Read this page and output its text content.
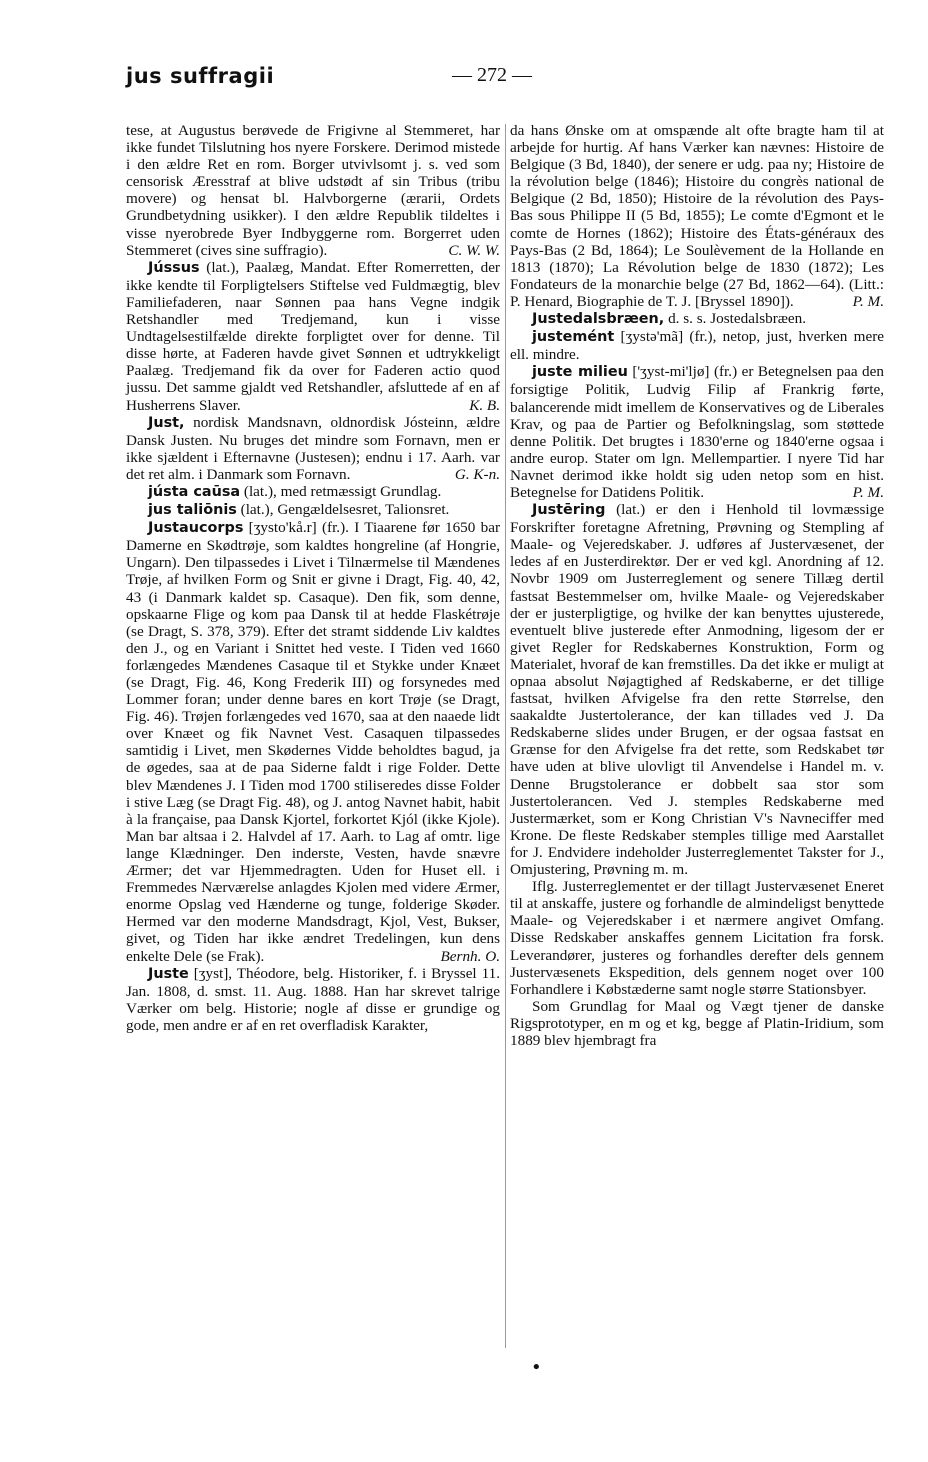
jus suffragii	— 272 —

tese, at Augustus berøvede de Frigivne al Stemmeret, har ikke fundet Tilslutning hos nyere Forskere. Derimod mistede i den ældre Ret en rom. Borger utvivlsomt j. s. ved som censorisk Æresstraf at blive udstødt af sin Tribus (tribu movere) og hensat bl. Halvborgerne (ærarii, Ordets Grundbetydning usikker). I den ældre Republik tildeltes i visse nyerobrede Byer Indbyggerne rom. Borgerret uden Stemmeret (cives sine suffragio).	C. W. W.

Jússus (lat.), Paalæg, Mandat. Efter Romerretten, der ikke kendte til Forpligtelsers Stiftelse ved Fuldmægtig, blev Familiefaderen, naar Sønnen paa hans Vegne indgik Retshandler med Tredjemand, kun i visse Undtagelsestilfælde direkte forpligtet over for denne. Til disse hørte, at Faderen havde givet Sønnen et udtrykkeligt Paalæg. Tredjemand fik da over for Faderen actio quod jussu. Det samme gjaldt ved Retshandler, afsluttede af en af Husherrens Slaver.	K. B.

Just, nordisk Mandsnavn, oldnordisk Jósteinn, ældre Dansk Justen. Nu bruges det mindre som Fornavn, men er ikke sjældent i Efternavne (Justesen); endnu i 17. Aarh. var det ret alm. i Danmark som Fornavn.	G. K-n.

jústa caūsa (lat.), med retmæssigt Grundlag.

jus taliōnis (lat.), Gengældelsesret, Talionsret.

Justaucorps [ʒysto'kå.r] (fr.). I Tiaarene før 1650 bar Damerne en Skødtrøje, som kaldtes hongreline (af Hongrie, Ungarn). Den tilpassedes i Livet i Tilnærmelse til Mændenes Trøje, af hvilken Form og Snit er givne i Dragt, Fig. 40, 42, 43 (i Danmark kaldet sp. Casaque). Den fik, som denne, opskaarne Flige og kom paa Dansk til at hedde Flaskétrøje (se Dragt, S. 378, 379). Efter det stramt siddende Liv kaldtes den J., og en Variant i Snittet hed veste. I Tiden ved 1660 forlængedes Mændenes Casaque til et Stykke under Knæet (se Dragt, Fig. 46, Kong Frederik III) og forsynedes med Lommer foran; under denne bares en kort Trøje (se Dragt, Fig. 46). Trøjen forlængedes ved 1670, saa at den naaede lidt over Knæet og fik Navnet Vest. Casaquen tilpassedes samtidig i Livet, men Skødernes Vidde beholdtes bagud, ja de øgedes, saa at de paa Siderne faldt i rige Folder. Dette blev Mændenes J. I Tiden mod 1700 stiliseredes disse Folder i stive Læg (se Dragt Fig. 48), og J. antog Navnet habit, habit à la française, paa Dansk Kjortel, forkortet Kjól (ikke Kjole). Man bar altsaa i 2. Halvdel af 17. Aarh. to Lag af omtr. lige lange Klædninger. Den inderste, Vesten, havde snævre Ærmer; det var Hjemmedragten. Uden for Huset ell. i Fremmedes Nærværelse anlagdes Kjolen med videre Ærmer, enorme Opslag ved Hænderne og tunge, folderige Skøder. Hermed var den moderne Mandsdragt, Kjol, Vest, Bukser, givet, og Tiden har ikke ændret Tredelingen, kun dens enkelte Dele (se Frak).	Bernh. O.

Juste [ʒyst], Théodore, belg. Historiker, f. i Bryssel 11. Jan. 1808, d. smst. 11. Aug. 1888. Han har skrevet talrige Værker om belg. Historie; nogle af disse er grundige og gode, men andre er af en ret overfladisk Karakter,

da hans Ønske om at omspænde alt ofte bragte ham til at arbejde for hurtig. Af hans Værker kan nævnes: Histoire de Belgique (3 Bd, 1840), der senere er udg. paa ny; Histoire de la révolution belge (1846); Histoire du congrès national de Belgique (2 Bd, 1850); Histoire de la révolution des Pays-Bas sous Philippe II (5 Bd, 1855); Le comte d'Egmont et le comte de Hornes (1862); Histoire des États-généraux des Pays-Bas (2 Bd, 1864); Le Soulèvement de la Hollande en 1813 (1870); La Révolution belge de 1830 (1872); Les Fondateurs de la monarchie belge (27 Bd, 1862—64). (Litt.: P. Henard, Biographie de T. J. [Bryssel 1890]).	P. M.

Justedalsbræen, d. s. s. Jostedalsbræen.

justemént [ʒystə'mã] (fr.), netop, just, hverken mere ell. mindre.

juste milieu ['ʒyst-mi'ljø] (fr.) er Betegnelsen paa den forsigtige Politik, Ludvig Filip af Frankrig førte, balancerende midt imellem de Konservatives og de Liberales Krav, og paa de Partier og Befolkningslag, som støttede denne Politik. Det brugtes i 1830'erne og 1840'erne ogsaa i andre europ. Stater om lgn. Mellempartier. I nyere Tid har Navnet derimod ikke holdt sig uden netop som en hist. Betegnelse for Datidens Politik.	P. M.

Justēring (lat.) er den i Henhold til lovmæssige Forskrifter foretagne Afretning, Prøvning og Stempling af Maale- og Vejeredskaber. J. udføres af Justervæsenet, der ledes af en Justerdirektør. Der er ved kgl. Anordning af 12. Novbr 1909 om Justerreglement og senere Tillæg dertil fastsat Bestemmelser om, hvilke Maale- og Vejeredskaber der er justerpligtige, og hvilke der kan benyttes ujusterede, eventuelt blive justerede efter Anmodning, ligesom der er givet Regler for Redskabernes Konstruktion, Form og Materialet, hvoraf de kan fremstilles. Da det ikke er muligt at opnaa absolut Nøjagtighed af Redskaberne, er det tillige fastsat, hvilken Afvigelse fra den rette Størrelse, den saakaldte Justertolerance, der kan tillades ved J. Da Redskaberne slides under Brugen, er der ogsaa fastsat en Grænse for den Afvigelse fra det rette, som Redskabet tør have uden at blive ulovligt til Anvendelse i Handel m. v. Denne Brugstolerance er dobbelt saa stor som Justertolerancen. Ved J. stemples Redskaberne med Justermærket, som er Kong Christian V's Navneciffer med Krone. De fleste Redskaber stemples tillige med Aarstallet for J. Endvidere indeholder Justerreglementet Takster for J., Omjustering, Prøvning m. m.

Iflg. Justerreglementet er der tillagt Justervæsenet Eneret til at anskaffe, justere og forhandle de almindeligst benyttede Maale- og Vejeredskaber i et nærmere angivet Omfang. Disse Redskaber anskaffes gennem Licitation fra forsk. Leverandører, justeres og forhandles derefter dels gennem Justervæsenets Ekspedition, dels gennem noget over 100 Forhandlere i Købstæderne samt nogle større Stationsbyer.

Som Grundlag for Maal og Vægt tjener de danske Rigsprototyper, en m og et kg, begge af Platin-Iridium, som 1889 blev hjembragt fra

•
